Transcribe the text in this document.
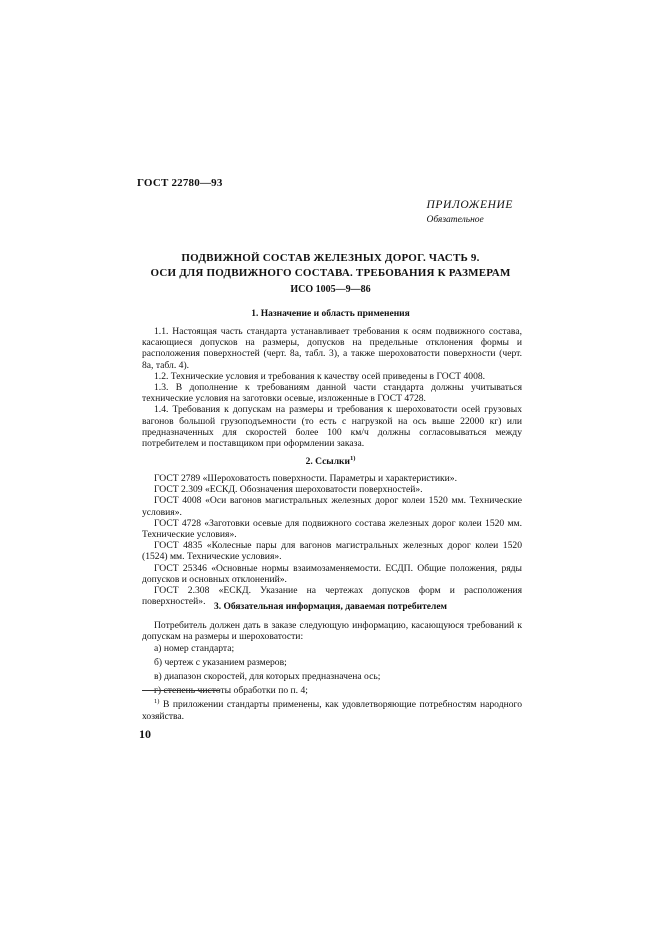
ГОСТ 22780—93
ПРИЛОЖЕНИЕ
Обязательное
ПОДВИЖНОЙ СОСТАВ ЖЕЛЕЗНЫХ ДОРОГ. ЧАСТЬ 9.
ОСИ ДЛЯ ПОДВИЖНОГО СОСТАВА. ТРЕБОВАНИЯ К РАЗМЕРАМ
ИСО 1005—9—86
1. Назначение и область применения

1.1. Настоящая часть стандарта устанавливает требования к осям подвижного состава, касающиеся допусков на размеры, допусков на предельные отклонения формы и расположения поверхностей (черт. 8а, табл. 3), а также шероховатости поверхности (черт. 8а, табл. 4).

1.2. Технические условия и требования к качеству осей приведены в ГОСТ 4008.

1.3. В дополнение к требованиям данной части стандарта должны учитываться технические условия на заготовки осевые, изложенные в ГОСТ 4728.

1.4. Требования к допускам на размеры и требования к шероховатости осей грузовых вагонов большой грузоподъемности (то есть с нагрузкой на ось выше 22000 кг) или предназначенных для скоростей более 100 км/ч должны согласовываться между потребителем и поставщиком при оформлении заказа.

2. Ссылки$^{1)}$

ГОСТ 2789 «Шероховатость поверхности. Параметры и характеристики».

ГОСТ 2.309 «ЕСКД. Обозначения шероховатости поверхностей».

ГОСТ 4008 «Оси вагонов магистральных железных дорог колеи 1520 мм. Технические условия».

ГОСТ 4728 «Заготовки осевые для подвижного состава железных дорог колеи 1520 мм. Технические условия».

ГОСТ 4835 «Колесные пары для вагонов магистральных железных дорог колеи 1520 (1524) мм. Технические условия».

ГОСТ 25346 «Основные нормы взаимозаменяемости. ЕСДП. Общие положения, ряды допусков и основных отклонений».

ГОСТ 2.308 «ЕСКД. Указание на чертежах допусков форм и расположения поверхностей». 3. Обязательная информация, даваемая потребителем

Потребитель должен дать в заказе следующую информацию, касающуюся требований к допускам на размеры и шероховатости:

а) номер стандарта;
б) чертеж с указанием размеров;
в) диапазон скоростей, для которых предназначена ось;
г) степень чистоты обработки по п. 4;
$^{1)}$ В приложении стандарты применены, как удовлетворяющие потребностям народного хозяйства.
10
